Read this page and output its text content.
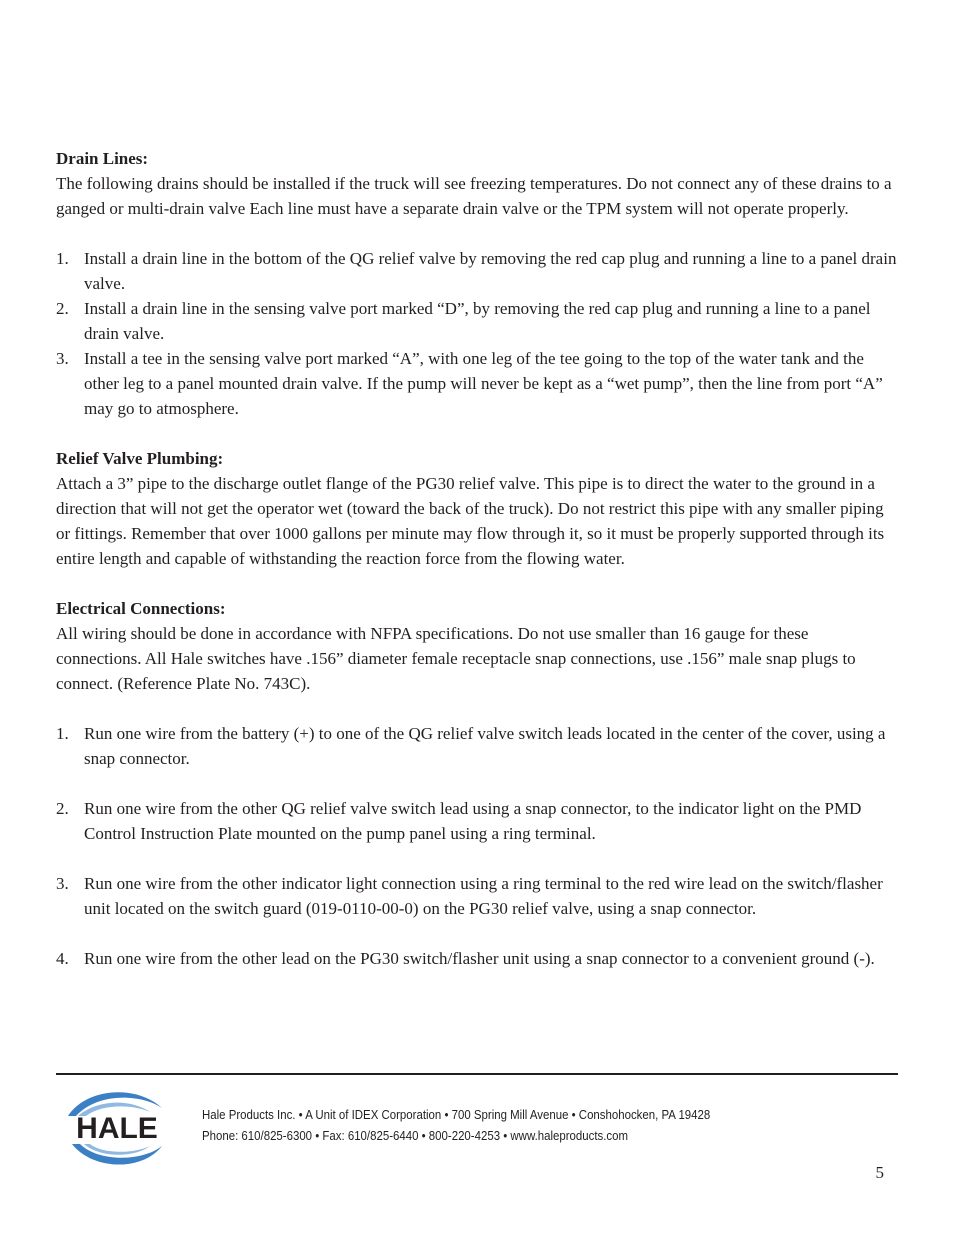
Drain Lines:

The following drains should be installed if the truck will see freezing temperatures. Do not connect any of these drains to a ganged or multi-drain valve Each line must have a separate drain valve or the TPM system will not operate properly.

1. Install a drain line in the bottom of the QG relief valve by removing the red cap plug and running a line to a panel drain valve.
2. Install a drain line in the sensing valve port marked “D”, by removing the red cap plug and running a line to a panel drain valve.
3. Install a tee in the sensing valve port marked “A”, with one leg of the tee going to the top of the water tank and the other leg to a panel mounted drain valve. If the pump will never be kept as a “wet pump”, then the line from port “A” may go to atmosphere.

Relief Valve Plumbing:

Attach a 3” pipe to the discharge outlet flange of the PG30 relief valve. This pipe is to direct the water to the ground in a direction that will not get the operator wet (toward the back of the truck). Do not restrict this pipe with any smaller piping or fittings. Remember that over 1000 gallons per minute may flow through it, so it must be properly supported through its entire length and capable of withstanding the reaction force from the flowing water.

Electrical Connections:

All wiring should be done in accordance with NFPA specifications. Do not use smaller than 16 gauge for these connections. All Hale switches have .156” diameter female receptacle snap connections, use .156” male snap plugs to connect. (Reference Plate No. 743C).

1. Run one wire from the battery (+) to one of the QG relief valve switch leads located in the center of the cover, using a snap connector.
2. Run one wire from the other QG relief valve switch lead using a snap connector, to the indicator light on the PMD Control Instruction Plate mounted on the pump panel using a ring terminal.
3. Run one wire from the other indicator light connection using a ring terminal to the red wire lead on the switch/flasher unit located on the switch guard (019-0110-00-0) on the PG30 relief valve, using a snap connector.
4. Run one wire from the other lead on the PG30 switch/flasher unit using a snap connector to a convenient ground (-).
HALE	Hale Products Inc. • A Unit of IDEX Corporation • 700 Spring Mill Avenue • Conshohocken, PA 19428
Phone: 610/825-6300 • Fax: 610/825-6440 • 800-220-4253 • www.haleproducts.com
5
